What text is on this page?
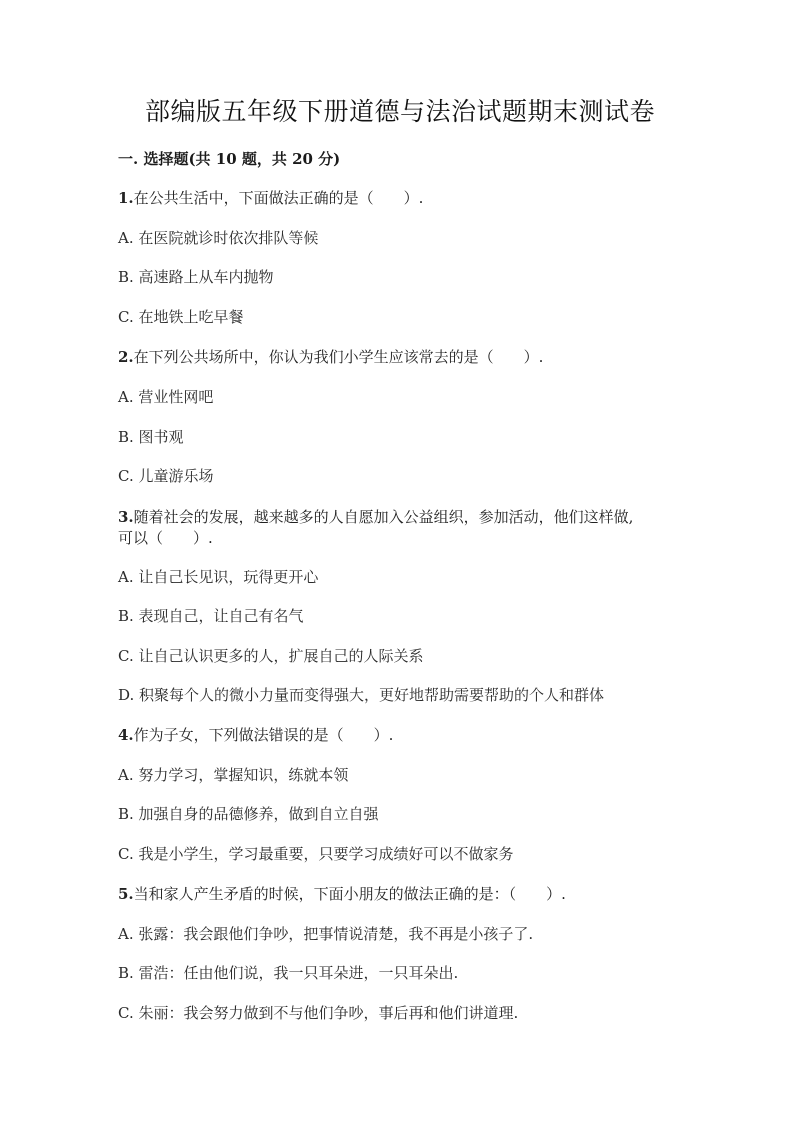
部编版五年级下册道德与法治试题期末测试卷
一. 选择题(共 10 题，共 20 分)
1.在公共生活中，下面做法正确的是（　　）.
A. 在医院就诊时依次排队等候
B. 高速路上从车内抛物
C. 在地铁上吃早餐
2.在下列公共场所中，你认为我们小学生应该常去的是（　　）.
A. 营业性网吧
B. 图书观
C. 儿童游乐场
3.随着社会的发展，越来越多的人自愿加入公益组织，参加活动，他们这样做,
可以（　　）.
A. 让自己长见识，玩得更开心
B. 表现自己，让自己有名气
C. 让自己认识更多的人，扩展自己的人际关系
D. 积聚每个人的微小力量而变得强大，更好地帮助需要帮助的个人和群体
4.作为子女，下列做法错误的是（　　）.
A. 努力学习，掌握知识，练就本领
B. 加强自身的品德修养，做到自立自强
C. 我是小学生，学习最重要，只要学习成绩好可以不做家务
5.当和家人产生矛盾的时候，下面小朋友的做法正确的是：（　　）.
A. 张露：我会跟他们争吵，把事情说清楚，我不再是小孩子了.
B. 雷浩：任由他们说，我一只耳朵进，一只耳朵出.
C. 朱丽：我会努力做到不与他们争吵，事后再和他们讲道理.
